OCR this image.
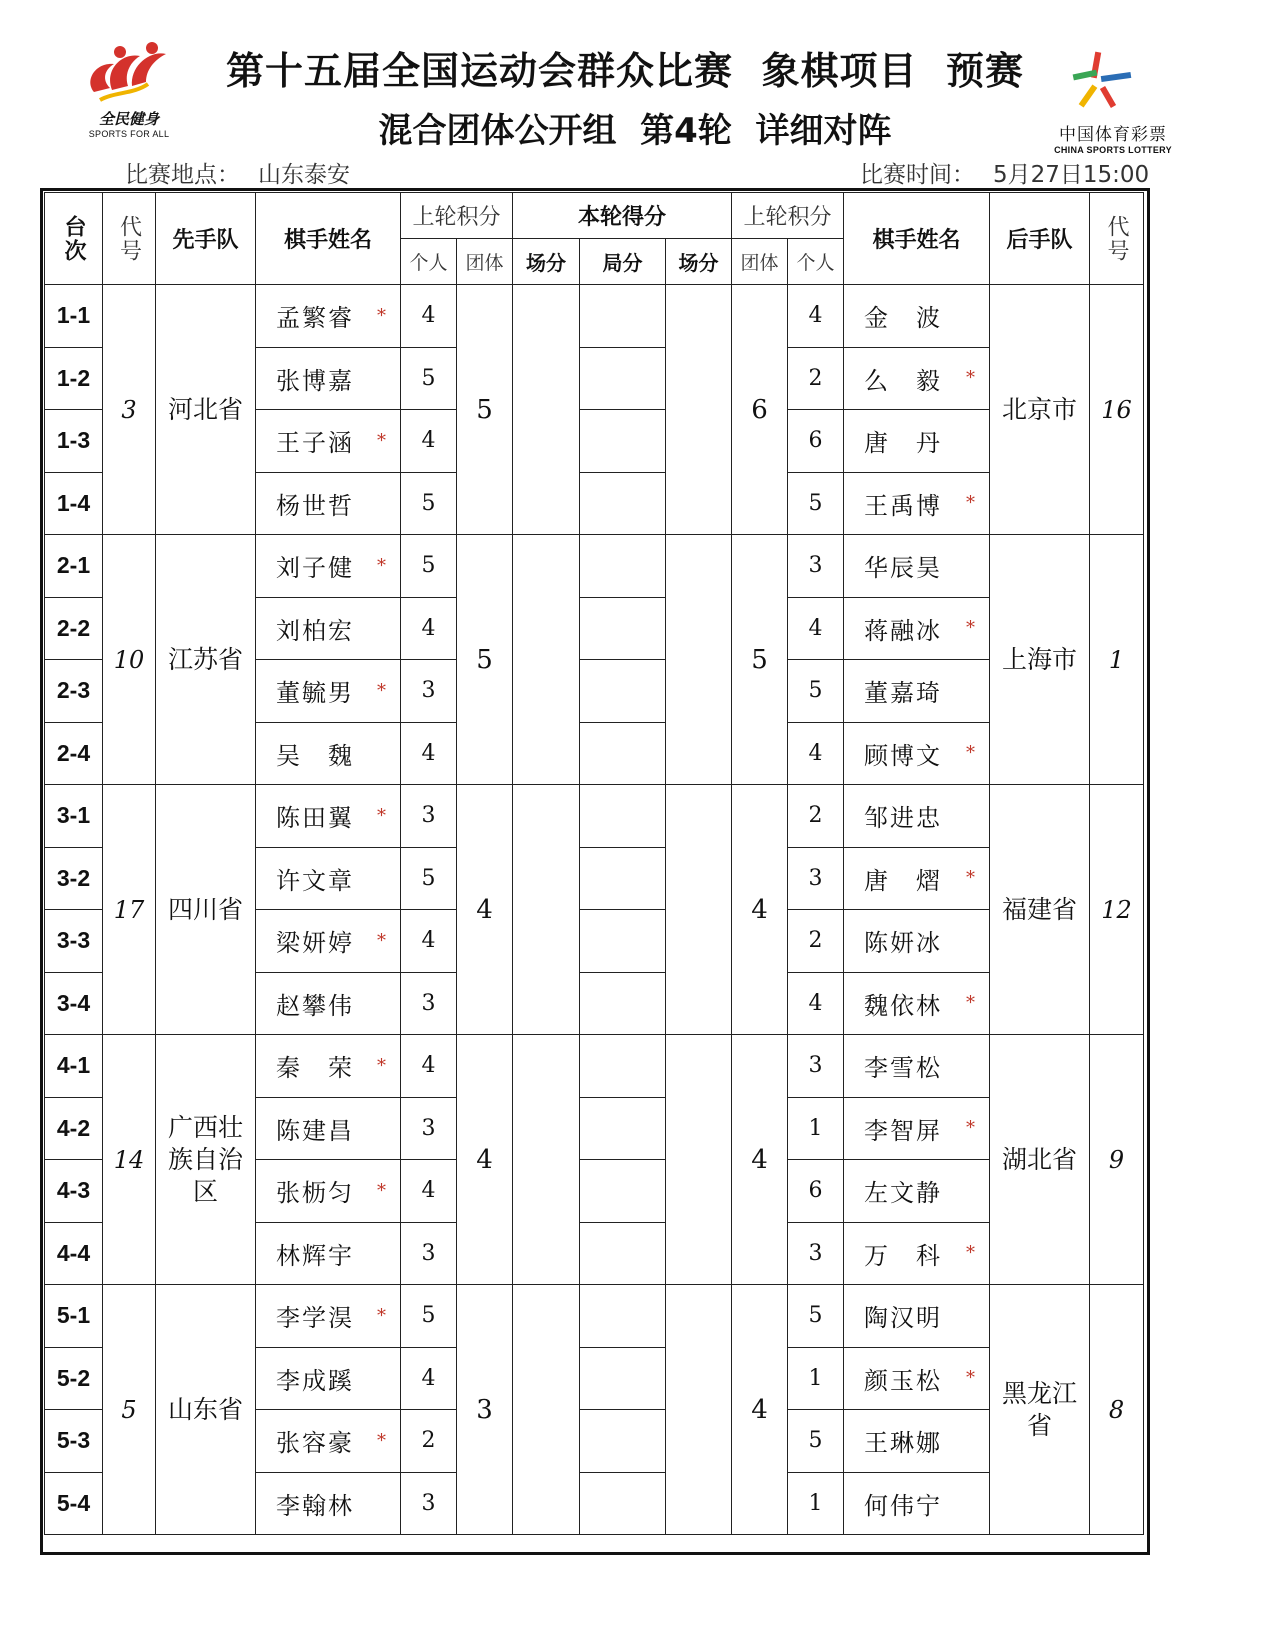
全民健身
SPORTS FOR ALL	中国体育彩票
CHINA SPORTS LOTTERY
第十五届全国运动会群众比赛  象棋项目  预赛
混合团体公开组  第4轮  详细对阵
比赛地点： 山东泰安	比赛时间： 5月27日15:00
台次	代号	先手队	棋手姓名	上轮积分		本轮得分			上轮积分		棋手姓名	后手队	代号
				个人	团体	场分	局分	场分	团体	个人			
1-1	3	河北省	孟繁睿 *	4	5				6	4	金　波	北京市	16
1-2			张博嘉	5						2	么　毅 *		

1-3			王子涵 *	4						6	唐　丹		
1-4			杨世哲	5						5	王禹博 *		

2-1	10	江苏省	刘子健 *	5	5				5	3	华辰昊	上海市	1
2-2			刘柏宏	4						4	蒋融冰 *		

2-3			董毓男 *	3						5	董嘉琦		
2-4			吴　魏	4						4	顾博文 *		

3-1	17	四川省	陈田翼 *	3	4				4	2	邹进忠	福建省	12
3-2			许文章	5						3	唐　熠 *		

3-3			梁妍婷 *	4						2	陈妍冰		
3-4			赵攀伟	3						4	魏依林 *		

4-1	14	广西壮族自治区	秦　荣 *	4	4				4	3	李雪松	湖北省	9
4-2			陈建昌	3						1	李智屏 *		

4-3			张枥匀 *	4						6	左文静		
4-4			林辉宇	3						3	万　科 *		

5-1	5	山东省	李学淏 *	5	3				4	5	陶汉明	黑龙江省	8
5-2			李成蹊	4						1	颜玉松 *		

5-3			张容豪 *	2						5	王琳娜		
5-4			李翰林	3						1	何伟宁		
